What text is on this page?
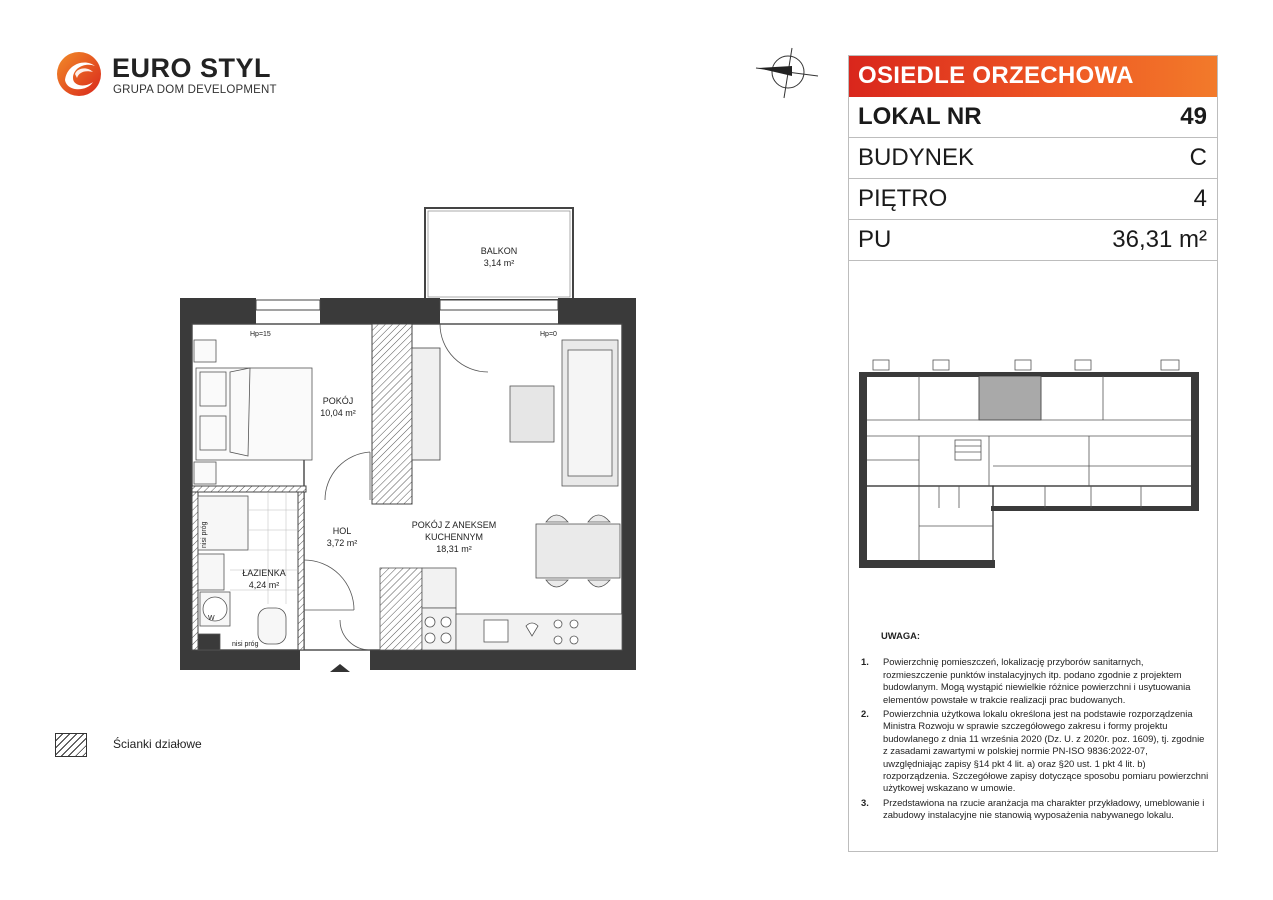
EURO STYL
GRUPA DOM DEVELOPMENT
BALKON
3,14 m²
POKÓJ
10,04 m²
HOL
3,72 m²
POKÓJ Z ANEKSEM
KUCHENNYM
18,31 m²
ŁAZIENKA
4,24 m²
Hp=15	Hp=0
nisi próg
nisi próg
W
Ścianki działowe
OSIEDLE ORZECHOWA
LOKAL NR	49
BUDYNEK	C
PIĘTRO	4
PU	36,31 m²
UWAGA:
1. Powierzchnię pomieszczeń, lokalizację przyborów sanitarnych, rozmieszczenie punktów instalacyjnych itp. podano zgodnie z projektem budowlanym. Mogą wystąpić niewielkie różnice powierzchni i usytuowania elementów powstałe w trakcie realizacji prac budowanych.
2. Powierzchnia użytkowa lokalu określona jest na podstawie rozporządzenia Ministra Rozwoju w sprawie szczegółowego zakresu i formy projektu budowlanego z dnia 11 września 2020 (Dz. U. z 2020r. poz. 1609), tj. zgodnie z zasadami zawartymi w polskiej normie PN-ISO 9836:2022-07, uwzględniając zapisy §14 pkt 4 lit. a) oraz §20 ust. 1 pkt 4 lit. b) rozporządzenia. Szczegółowe zapisy dotyczące sposobu pomiaru powierzchni użytkowej wskazano w umowie.
3. Przedstawiona na rzucie aranżacja ma charakter przykładowy, umeblowanie i zabudowy instalacyjne nie stanowią wyposażenia nabywanego lokalu.
